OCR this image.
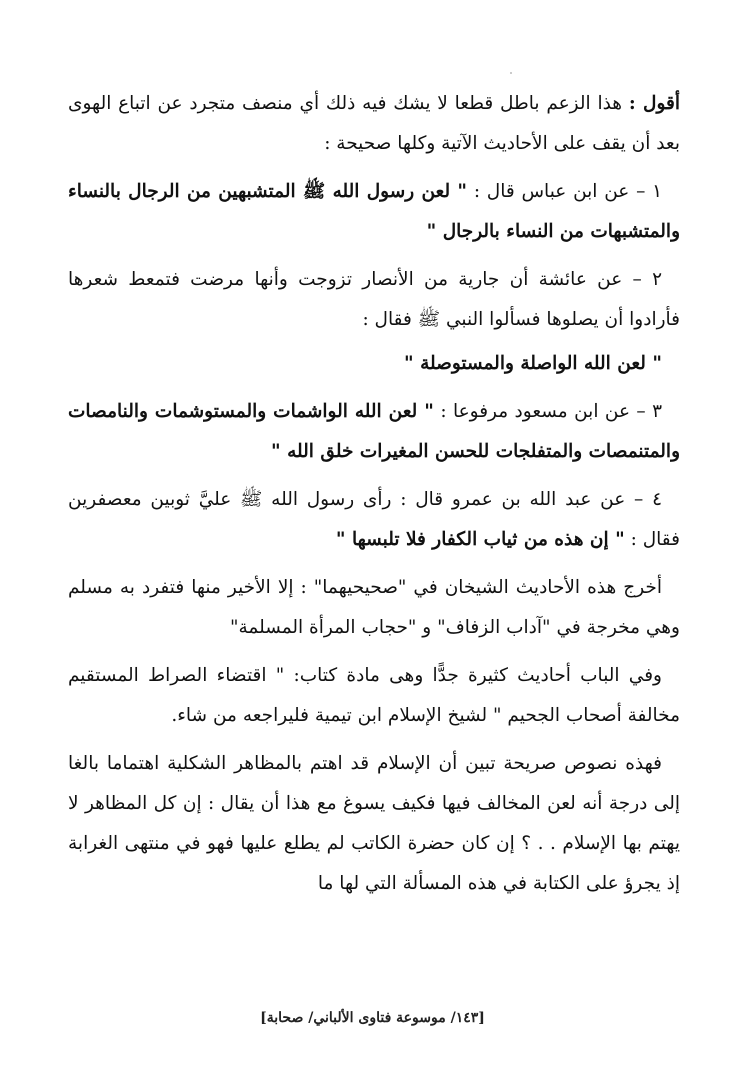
أقول : هذا الزعم باطل قطعا لا يشك فيه ذلك أي منصف متجرد عن اتباع الهوى بعد أن يقف على الأحاديث الآتية وكلها صحيحة :

١ – عن ابن عباس قال : " لعن رسول الله ﷺ المتشبهين من الرجال بالنساء والمتشبهات من النساء بالرجال "

٢ – عن عائشة أن جارية من الأنصار تزوجت وأنها مرضت فتمعط شعرها فأرادوا أن يصلوها فسألوا النبي ﷺ فقال :

" لعن الله الواصلة والمستوصلة "

٣ – عن ابن مسعود مرفوعا : " لعن الله الواشمات والمستوشمات والنامصات والمتنمصات والمتفلجات للحسن المغيرات خلق الله "

٤ – عن عبد الله بن عمرو قال : رأى رسول الله ﷺ عليَّ ثوبين معصفرين فقال : " إن هذه من ثياب الكفار فلا تلبسها "

أخرج هذه الأحاديث الشيخان في "صحيحيهما" : إلا الأخير منها فتفرد به مسلم وهي مخرجة في "آداب الزفاف" و "حجاب المرأة المسلمة"

وفي الباب أحاديث كثيرة جدًّا وهى مادة كتاب: " اقتضاء الصراط المستقيم مخالفة أصحاب الجحيم " لشيخ الإسلام ابن تيمية فليراجعه من شاء.

فهذه نصوص صريحة تبين أن الإسلام قد اهتم بالمظاهر الشكلية اهتماما بالغا إلى درجة أنه لعن المخالف فيها فكيف يسوغ مع هذا أن يقال : إن كل المظاهر لا يهتم بها الإسلام . . ؟ إن كان حضرة الكاتب لم يطلع عليها فهو في منتهى الغرابة إذ يجرؤ على الكتابة في هذه المسألة التي لها ما

[١٤٣/ موسوعة فتاوى الألباني/ صحابة]
